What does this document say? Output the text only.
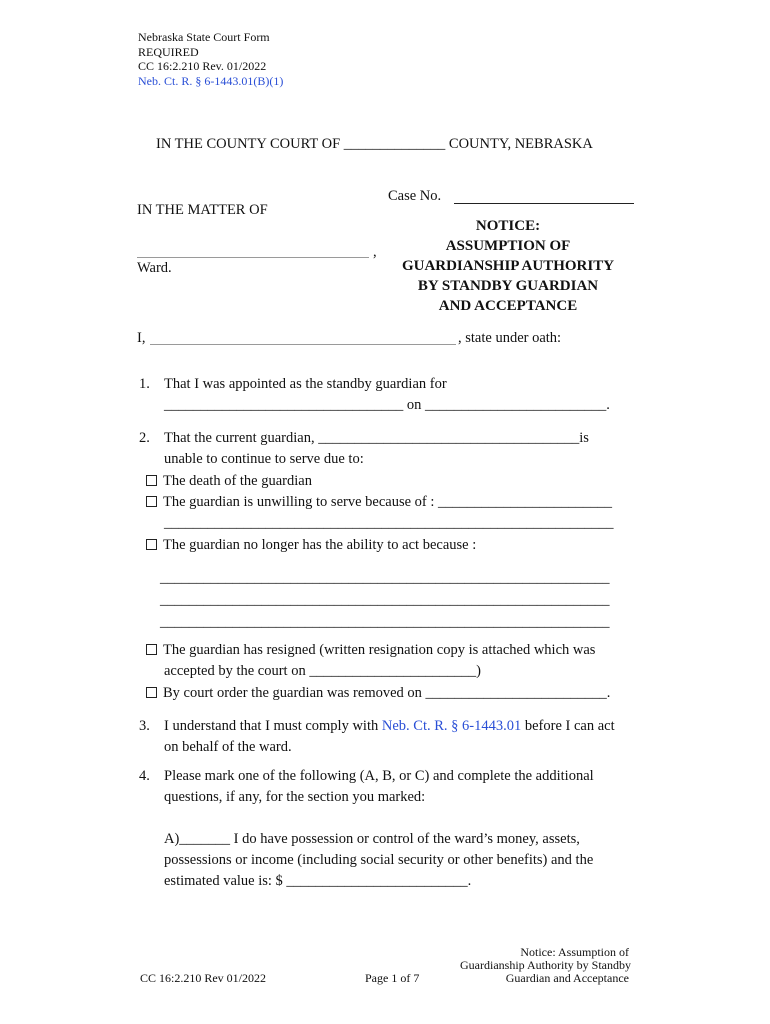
Nebraska State Court Form
REQUIRED
CC 16:2.210 Rev. 01/2022
Neb. Ct. R. § 6-1443.01(B)(1)
IN THE COUNTY COURT OF ______________ COUNTY, NEBRASKA
Case No.
IN THE MATTER OF
,
Ward.
NOTICE:
ASSUMPTION OF
GUARDIANSHIP AUTHORITY
BY STANDBY GUARDIAN
AND ACCEPTANCE
I,	, state under oath:
1. That I was appointed as the standby guardian for
_________________________________ on _________________________.
2. That the current guardian, ____________________________________is
unable to continue to serve due to:
The death of the guardian
The guardian is unwilling to serve because of : ________________________
______________________________________________________________
The guardian no longer has the ability to act because :
______________________________________________________________
______________________________________________________________
______________________________________________________________
The guardian has resigned (written resignation copy is attached which was
accepted by the court on _______________________)
By court order the guardian was removed on _________________________.
3. I understand that I must comply with Neb. Ct. R. § 6-1443.01 before I can act
on behalf of the ward.
4. Please mark one of the following (A, B, or C) and complete the additional
questions, if any, for the section you marked:
A)_______ I do have possession or control of the ward’s money, assets,
possessions or income (including social security or other benefits) and the
estimated value is: $ _________________________.
CC 16:2.210 Rev 01/2022	Page 1 of 7
Notice: Assumption of
Guardianship Authority by Standby
Guardian and Acceptance
